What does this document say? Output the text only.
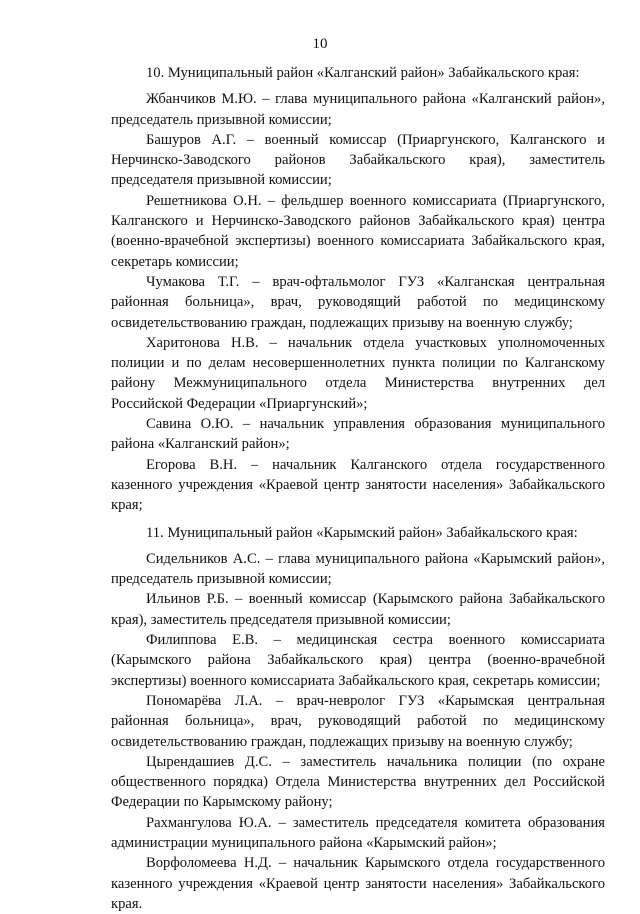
10

10. Муниципальный район «Калганский район» Забайкальского края:

Жбанчиков М.Ю. – глава муниципального района «Калганский район», председатель призывной комиссии;

Башуров А.Г. – военный комиссар (Приаргунского, Калганского и Нерчинско-Заводского районов Забайкальского края), заместитель председателя призывной комиссии;

Решетникова О.Н. – фельдшер военного комиссариата (Приаргунского, Калганского и Нерчинско-Заводского районов Забайкальского края) центра (военно-врачебной экспертизы) военного комиссариата Забайкальского края, секретарь комиссии;

Чумакова Т.Г. – врач-офтальмолог ГУЗ «Калганская центральная районная больница», врач, руководящий работой по медицинскому освидетельствованию граждан, подлежащих призыву на военную службу;

Харитонова Н.В. – начальник отдела участковых уполномоченных полиции и по делам несовершеннолетних пункта полиции по Калганскому району Межмуниципального отдела Министерства внутренних дел Российской Федерации «Приаргунский»;

Савина О.Ю. – начальник управления образования муниципального района «Калганский район»;

Егорова В.Н. – начальник Калганского отдела государственного казенного учреждения «Краевой центр занятости населения» Забайкальского края;

11. Муниципальный район «Карымский район» Забайкальского края:

Сидельников А.С. – глава муниципального района «Карымский район», председатель призывной комиссии;

Ильинов Р.Б. – военный комиссар (Карымского района Забайкальского края), заместитель председателя призывной комиссии;

Филиппова Е.В. – медицинская сестра военного комиссариата (Карымского района Забайкальского края) центра (военно-врачебной экспертизы) военного комиссариата Забайкальского края, секретарь комиссии;

Пономарёва Л.А. – врач-невролог ГУЗ «Карымская центральная районная больница», врач, руководящий работой по медицинскому освидетельствованию граждан, подлежащих призыву на военную службу;

Цырендашиев Д.С. – заместитель начальника полиции (по охране общественного порядка) Отдела Министерства внутренних дел Российской Федерации по Карымскому району;

Рахмангулова Ю.А. – заместитель председателя комитета образования администрации муниципального района «Карымский район»;

Ворфоломеева Н.Д. – начальник Карымского отдела государственного казенного учреждения «Краевой центр занятости населения» Забайкальского края.
